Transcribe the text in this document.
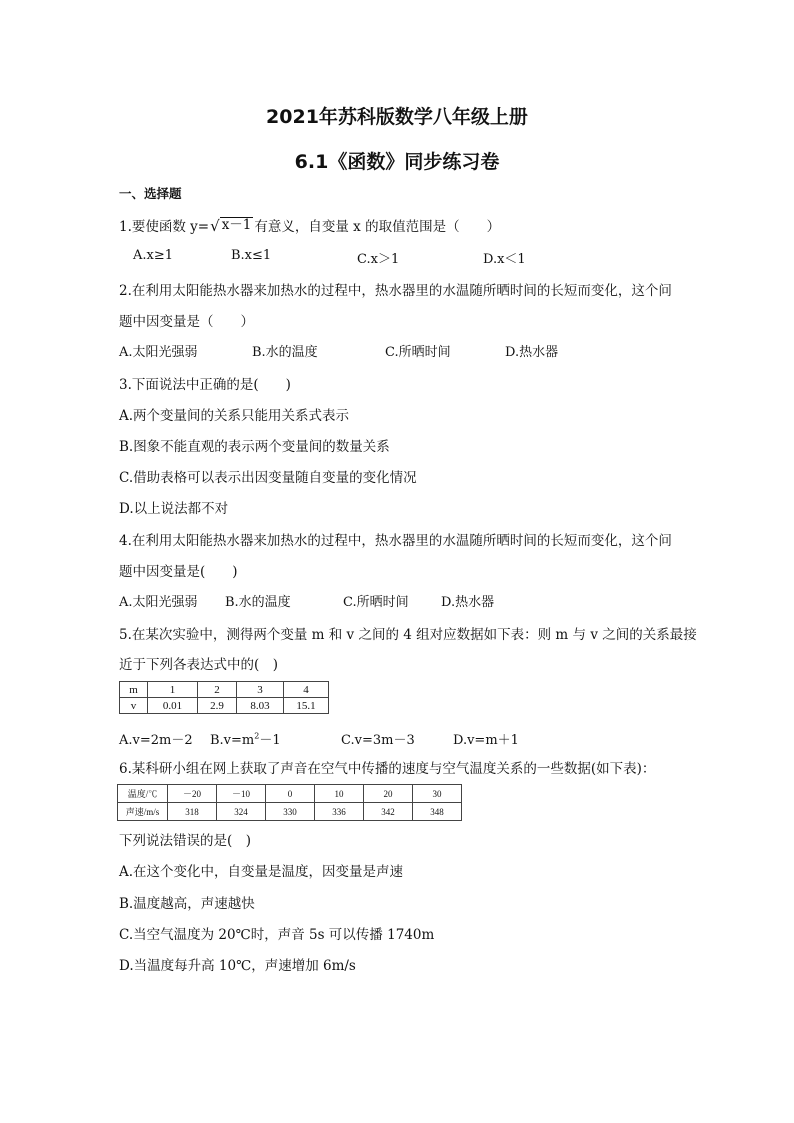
2021年苏科版数学八年级上册
6.1《函数》同步练习卷
一、选择题
1.要使函数 y= √ x－1 有意义，自变量 x 的取值范围是（　　）
A.x≥1	B.x≤1	C.x＞1	D.x＜1
2.在利用太阳能热水器来加热水的过程中，热水器里的水温随所晒时间的长短而变化，这个问
题中因变量是（　　）
A.太阳光强弱	B.水的温度	C.所晒时间	D.热水器
3.下面说法中正确的是(　　)
A.两个变量间的关系只能用关系式表示
B.图象不能直观的表示两个变量间的数量关系
C.借助表格可以表示出因变量随自变量的变化情况
D.以上说法都不对
4.在利用太阳能热水器来加热水的过程中，热水器里的水温随所晒时间的长短而变化，这个问
题中因变量是(　　)
A.太阳光强弱 B.水的温度	C.所晒时间 D.热水器
5.在某次实验中，测得两个变量 m 和 v 之间的 4 组对应数据如下表：则 m 与 v 之间的关系最接
近于下列各表达式中的(　)
m	1	2	3	4
v	0.01	2.9	8.03	15.1
A.v=2m－2 $B.v=m^2-1$	C.v=3m－3	D.v=m＋1
6.某科研小组在网上获取了声音在空气中传播的速度与空气温度关系的一些数据(如下表)：
温度/℃	－20	－10	0	10	20	30
声速/m/s	318	324	330	336	342	348
下列说法错误的是(　)
A.在这个变化中，自变量是温度，因变量是声速
B.温度越高，声速越快
C.当空气温度为 20℃时，声音 5s 可以传播 1740m
D.当温度每升高 10℃，声速增加 6m/s
